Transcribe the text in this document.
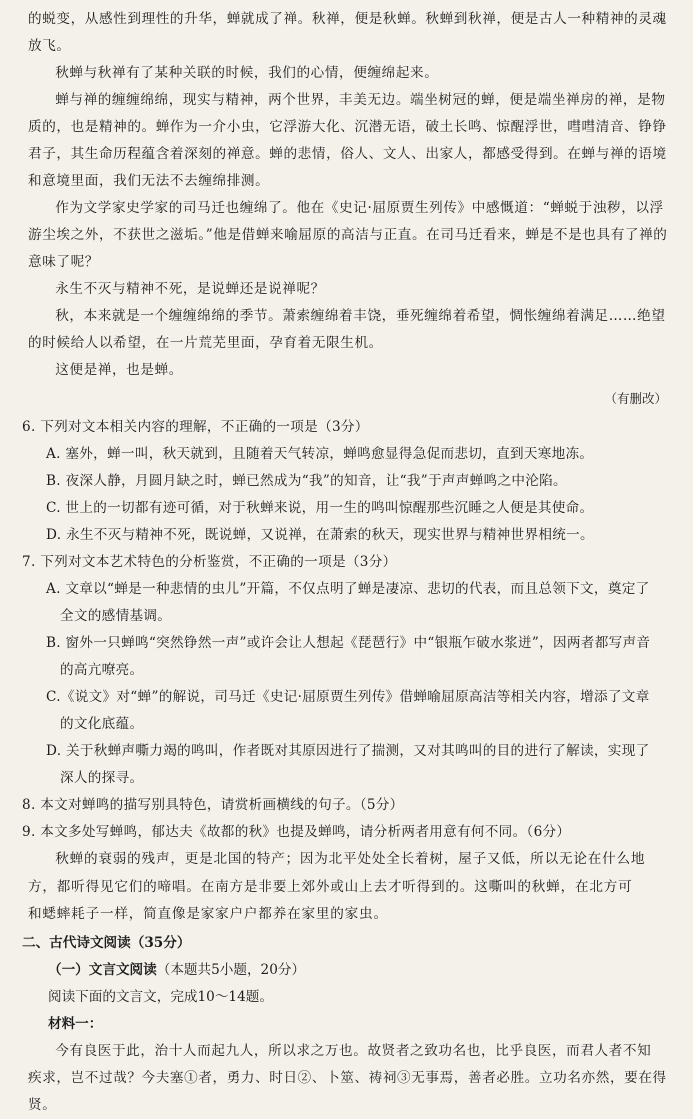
的蜕变，从感性到理性的升华，蝉就成了禅。秋禅，便是秋蝉。秋蝉到秋禅，便是古人一种精神的灵魂放飞。

秋蝉与秋禅有了某种关联的时候，我们的心情，便缠绵起来。

蝉与禅的缠缠绵绵，现实与精神，两个世界，丰美无边。端坐树冠的蝉，便是端坐禅房的禅，是物质的，也是精神的。蝉作为一介小虫，它浮游大化、沉潜无语，破土长鸣、惊醒浮世，嘒嘒清音、铮铮君子，其生命历程蕴含着深刻的禅意。蝉的悲情，俗人、文人、出家人，都感受得到。在蝉与禅的语境和意境里面，我们无法不去缠绵排测。

作为文学家史学家的司马迁也缠绵了。他在《史记·屈原贾生列传》中感慨道：“蝉蜕于浊秽，以浮游尘埃之外，不获世之滋垢。”他是借蝉来喻屈原的高洁与正直。在司马迁看来，蝉是不是也具有了禅的意味了呢？

永生不灭与精神不死，是说蝉还是说禅呢？

秋，本来就是一个缠缠绵绵的季节。萧索缠绵着丰饶，垂死缠绵着希望，惆怅缠绵着满足……绝望的时候给人以希望，在一片荒芜里面，孕育着无限生机。

这便是禅，也是蝉。

（有删改）

6. 下列对文本相关内容的理解，不正确的一项是（3分）

A. 塞外，蝉一叫，秋天就到，且随着天气转凉，蝉鸣愈显得急促而悲切，直到天寒地冻。

B. 夜深人静，月圆月缺之时，蝉已然成为“我”的知音，让“我”于声声蝉鸣之中沦陷。

C. 世上的一切都有迹可循，对于秋蝉来说，用一生的鸣叫惊醒那些沉睡之人便是其使命。

D. 永生不灭与精神不死，既说蝉，又说禅，在萧索的秋天，现实世界与精神世界相统一。

7. 下列对文本艺术特色的分析鉴赏，不正确的一项是（3分）

A. 文章以“蝉是一种悲情的虫儿”开篇，不仅点明了蝉是凄凉、悲切的代表，而且总领下文，奠定了

全文的感情基调。

B. 窗外一只蝉鸣“突然铮然一声”或许会让人想起《琵琶行》中“银瓶乍破水浆迸”，因两者都写声音

的高亢嘹亮。

C.《说文》对“蝉”的解说，司马迁《史记·屈原贾生列传》借蝉喻屈原高洁等相关内容，增添了文章

的文化底蕴。

D. 关于秋蝉声嘶力竭的鸣叫，作者既对其原因进行了揣测，又对其鸣叫的目的进行了解读，实现了

深人的探寻。

8. 本文对蝉鸣的描写别具特色，请赏析画横线的句子。（5分）

9. 本文多处写蝉鸣，郁达夫《故都的秋》也提及蝉鸣，请分析两者用意有何不同。（6分）

秋蝉的衰弱的残声，更是北国的特产；因为北平处处全长着树，屋子又低，所以无论在什么地

方，都听得见它们的啼唱。在南方是非要上郊外或山上去才听得到的。这嘶叫的秋蝉，在北方可

和蟋蟀耗子一样，简直像是家家户户都养在家里的家虫。

二、古代诗文阅读（35分）

（一）文言文阅读（本题共5小题，20分）

阅读下面的文言文，完成10～14题。

材料一：

今有良医于此，治十人而起九人，所以求之万也。故贤者之致功名也，比乎良医，而君人者不知

疾求，岂不过哉？今夫塞①者，勇力、时日②、卜筮、祷祠③无事焉，善者必胜。立功名亦然，要在得贤。
